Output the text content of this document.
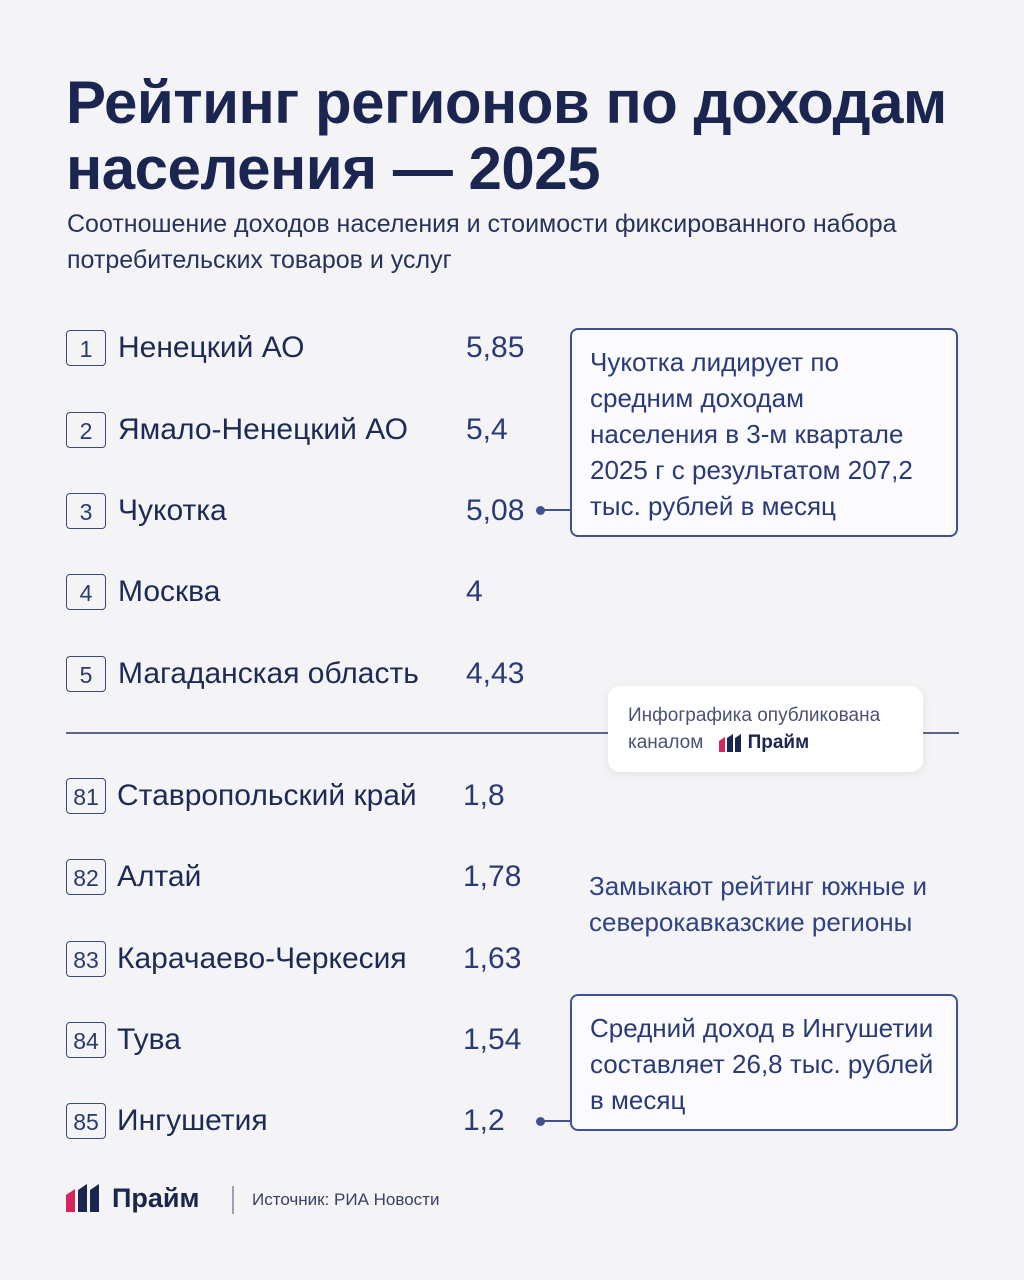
Рейтинг регионов по доходам населения — 2025

Соотношение доходов населения и стоимости фиксированного набора потребительских товаров и услуг

1 Ненецкий АО	5,85
2 Ямало-Ненецкий АО 5,4
3 Чукотка	5,08
4 Москва	4
5 Магаданская область 4,43
Чукотка лидирует по средним доходам населения в 3-м квартале 2025 г с результатом 207,2 тыс. рублей в месяц
Инфографика опубликована каналом Прайм
81 Ставропольский край 1,8
82 Алтай	1,78
83 Карачаево-Черкесия 1,63
84 Тува	1,54
85 Ингушетия	1,2
Замыкают рейтинг южные и северокавказские регионы
Средний доход в Ингушетии составляет 26,8 тыс. рублей в месяц
Прайм	Источник: РИА Новости
